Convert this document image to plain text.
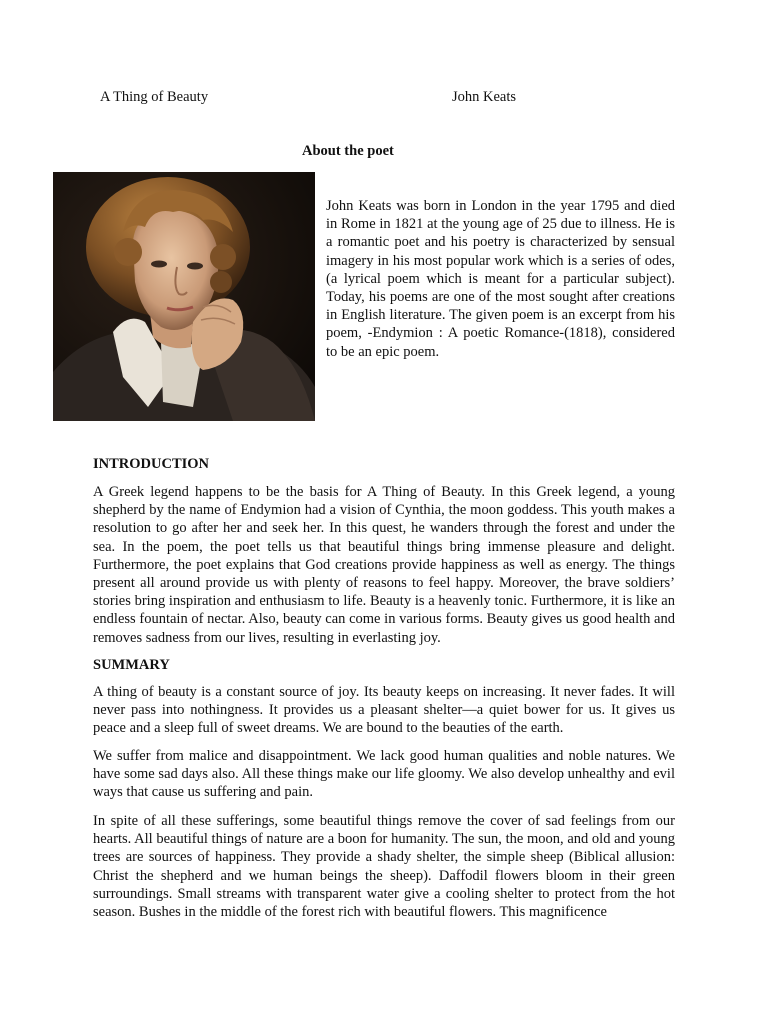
A Thing of Beauty	John Keats
About the poet

John Keats was born in London in the year 1795 and died in Rome in 1821 at the young age of 25 due to illness. He is a romantic poet and his poetry is characterized by sensual imagery in his most popular work which is a series of odes, (a lyrical poem which is meant for a particular subject). Today, his poems are one of the most sought after creations in English literature. The given poem is an excerpt from his poem, -Endymion : A poetic Romance-(1818), considered to be an epic poem.

INTRODUCTION

A Greek legend happens to be the basis for A Thing of Beauty. In this Greek legend, a young shepherd by the name of Endymion had a vision of Cynthia, the moon goddess. This youth makes a resolution to go after her and seek her. In this quest, he wanders through the forest and under the sea. In the poem, the poet tells us that beautiful things bring immense pleasure and delight. Furthermore, the poet explains that God creations provide happiness as well as energy. The things present all around provide us with plenty of reasons to feel happy. Moreover, the brave soldiers’ stories bring inspiration and enthusiasm to life. Beauty is a heavenly tonic. Furthermore, it is like an endless fountain of nectar. Also, beauty can come in various forms. Beauty gives us good health and removes sadness from our lives, resulting in everlasting joy.

SUMMARY

A thing of beauty is a constant source of joy. Its beauty keeps on increasing. It never fades. It will never pass into nothingness. It provides us a pleasant shelter—a quiet bower for us. It gives us peace and a sleep full of sweet dreams. We are bound to the beauties of the earth.

We suffer from malice and disappointment. We lack good human qualities and noble natures. We have some sad days also. All these things make our life gloomy. We also develop unhealthy and evil ways that cause us suffering and pain.

In spite of all these sufferings, some beautiful things remove the cover of sad feelings from our hearts. All beautiful things of nature are a boon for humanity. The sun, the moon, and old and young trees are sources of happiness. They provide a shady shelter, the simple sheep (Biblical allusion: Christ the shepherd and we human beings the sheep). Daffodil flowers bloom in their green surroundings. Small streams with transparent water give a cooling shelter to protect from the hot season. Bushes in the middle of the forest rich with beautiful flowers. This magnificence
